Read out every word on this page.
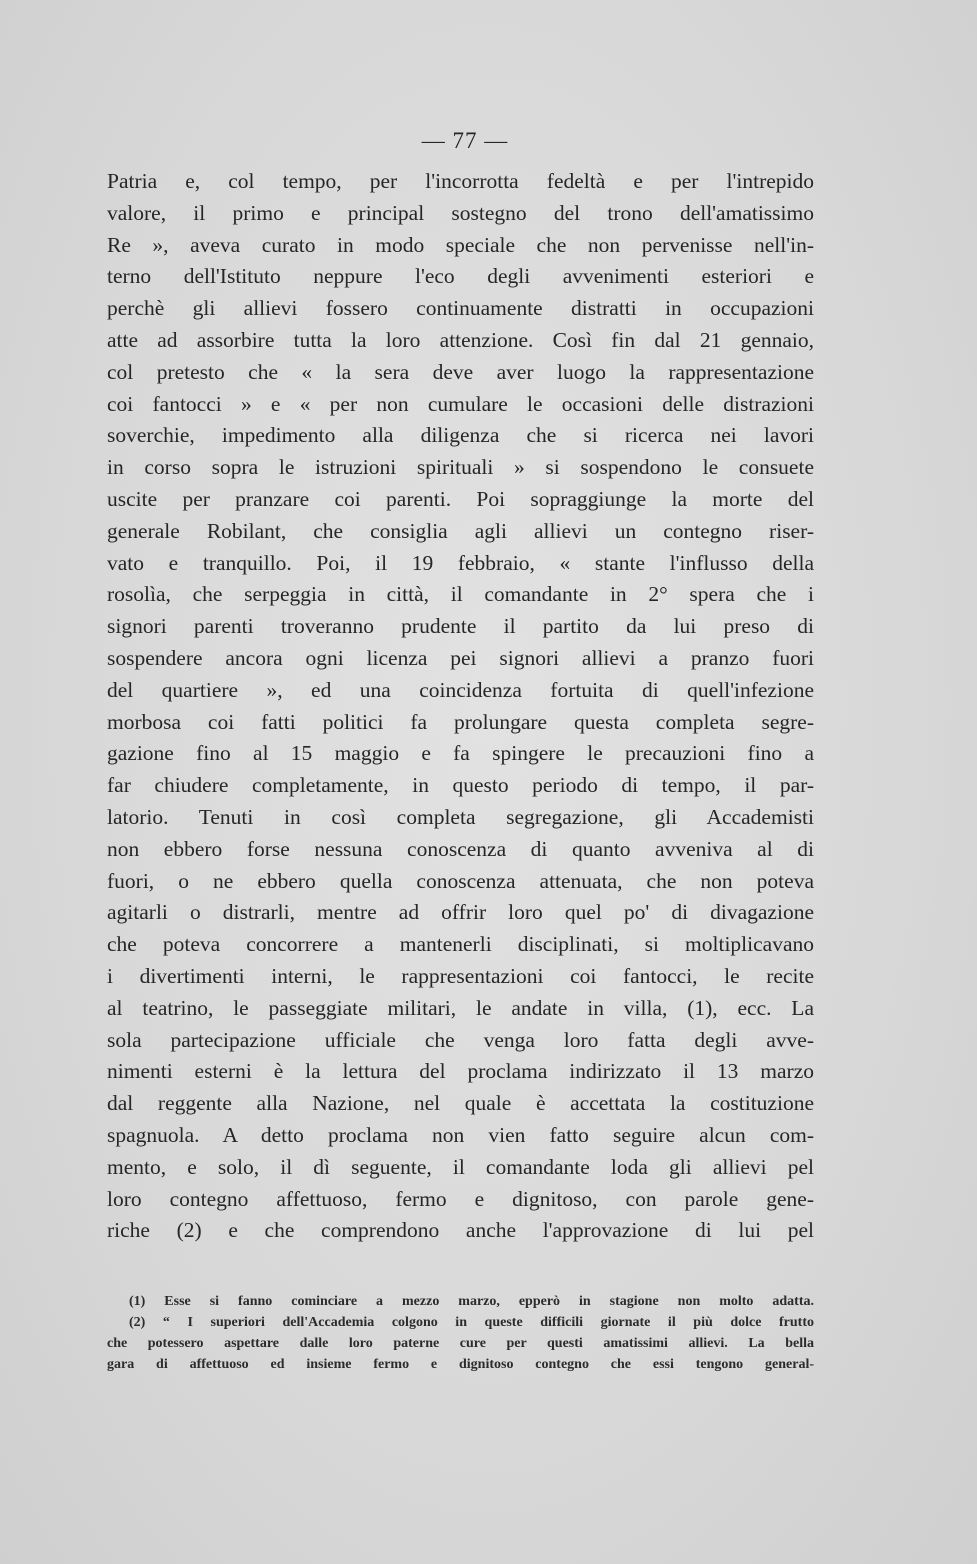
— 77 —
Patria e, col tempo, per l'incorrotta fedeltà e per l'intrepido
valore, il primo e principal sostegno del trono dell'amatissimo
Re », aveva curato in modo speciale che non pervenisse nell'in-
terno dell'Istituto neppure l'eco degli avvenimenti esteriori e
perchè gli allievi fossero continuamente distratti in occupazioni
atte ad assorbire tutta la loro attenzione. Così fin dal 21 gennaio,
col pretesto che « la sera deve aver luogo la rappresentazione
coi fantocci » e « per non cumulare le occasioni delle distrazioni
soverchie, impedimento alla diligenza che si ricerca nei lavori
in corso sopra le istruzioni spirituali » si sospendono le consuete
uscite per pranzare coi parenti. Poi sopraggiunge la morte del
generale Robilant, che consiglia agli allievi un contegno riser-
vato e tranquillo. Poi, il 19 febbraio, « stante l'influsso della
rosolìa, che serpeggia in città, il comandante in 2° spera che i
signori parenti troveranno prudente il partito da lui preso di
sospendere ancora ogni licenza pei signori allievi a pranzo fuori
del quartiere », ed una coincidenza fortuita di quell'infezione
morbosa coi fatti politici fa prolungare questa completa segre-
gazione fino al 15 maggio e fa spingere le precauzioni fino a
far chiudere completamente, in questo periodo di tempo, il par-
latorio. Tenuti in così completa segregazione, gli Accademisti
non ebbero forse nessuna conoscenza di quanto avveniva al di
fuori, o ne ebbero quella conoscenza attenuata, che non poteva
agitarli o distrarli, mentre ad offrir loro quel po' di divagazione
che poteva concorrere a mantenerli disciplinati, si moltiplicavano
i divertimenti interni, le rappresentazioni coi fantocci, le recite
al teatrino, le passeggiate militari, le andate in villa, (1), ecc. La
sola partecipazione ufficiale che venga loro fatta degli avve-
nimenti esterni è la lettura del proclama indirizzato il 13 marzo
dal reggente alla Nazione, nel quale è accettata la costituzione
spagnuola. A detto proclama non vien fatto seguire alcun com-
mento, e solo, il dì seguente, il comandante loda gli allievi pel
loro contegno affettuoso, fermo e dignitoso, con parole gene-
riche (2) e che comprendono anche l'approvazione di lui pel
(1) Esse si fanno cominciare a mezzo marzo, epperò in stagione non molto adatta.
(2) “ I superiori dell'Accademia colgono in queste difficili giornate il più dolce frutto
che potessero aspettare dalle loro paterne cure per questi amatissimi allievi. La bella
gara di affettuoso ed insieme fermo e dignitoso contegno che essi tengono general-
